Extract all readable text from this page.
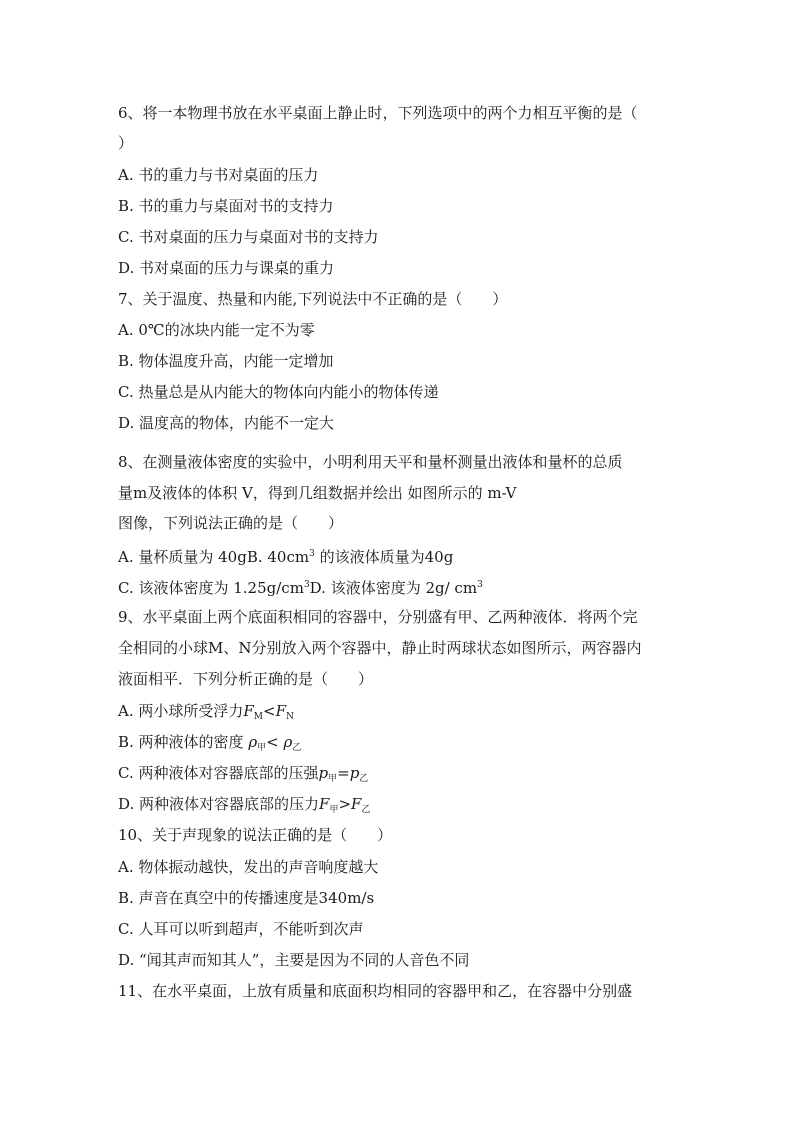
6、将一本物理书放在水平桌面上静止时，下列选项中的两个力相互平衡的是（
）
A. 书的重力与书对桌面的压力
B. 书的重力与桌面对书的支持力
C. 书对桌面的压力与桌面对书的支持力
D. 书对桌面的压力与课桌的重力
7、关于温度、热量和内能,下列说法中不正确的是（　　）
A. 0℃的冰块内能一定不为零
B. 物体温度升高，内能一定增加
C. 热量总是从内能大的物体向内能小的物体传递
D. 温度高的物体，内能不一定大
8、在测量液体密度的实验中，小明利用天平和量杯测量出液体和量杯的总质
量m及液体的体积 V，得到几组数据并绘出 如图所示的 m-V
图像，下列说法正确的是（　　）
A. 量杯质量为 40gB. $40cm^3$ 的该液体质量为40g
C. 该液体密度为 $1.25g/cm^3D$. 该液体密度为 2g/ $cm^3$
9、水平桌面上两个底面积相同的容器中，分别盛有甲、乙两种液体．将两个完
全相同的小球M、N分别放入两个容器中，静止时两球状态如图所示，两容器内
液面相平．下列分析正确的是（　　）
A. 两小球所受浮力$F_M<F_N$
B. 两种液体的密度 $\rho_甲< \rho_乙$
C. 两种液体对容器底部的压强$p_甲=p_乙$
D. 两种液体对容器底部的压力$F_甲>F_乙$
10、关于声现象的说法正确的是（　　）
A. 物体振动越快，发出的声音响度越大
B. 声音在真空中的传播速度是340m/s
C. 人耳可以听到超声，不能听到次声
D. “闻其声而知其人”，主要是因为不同的人音色不同
11、在水平桌面，上放有质量和底面积均相同的容器甲和乙，在容器中分别盛
